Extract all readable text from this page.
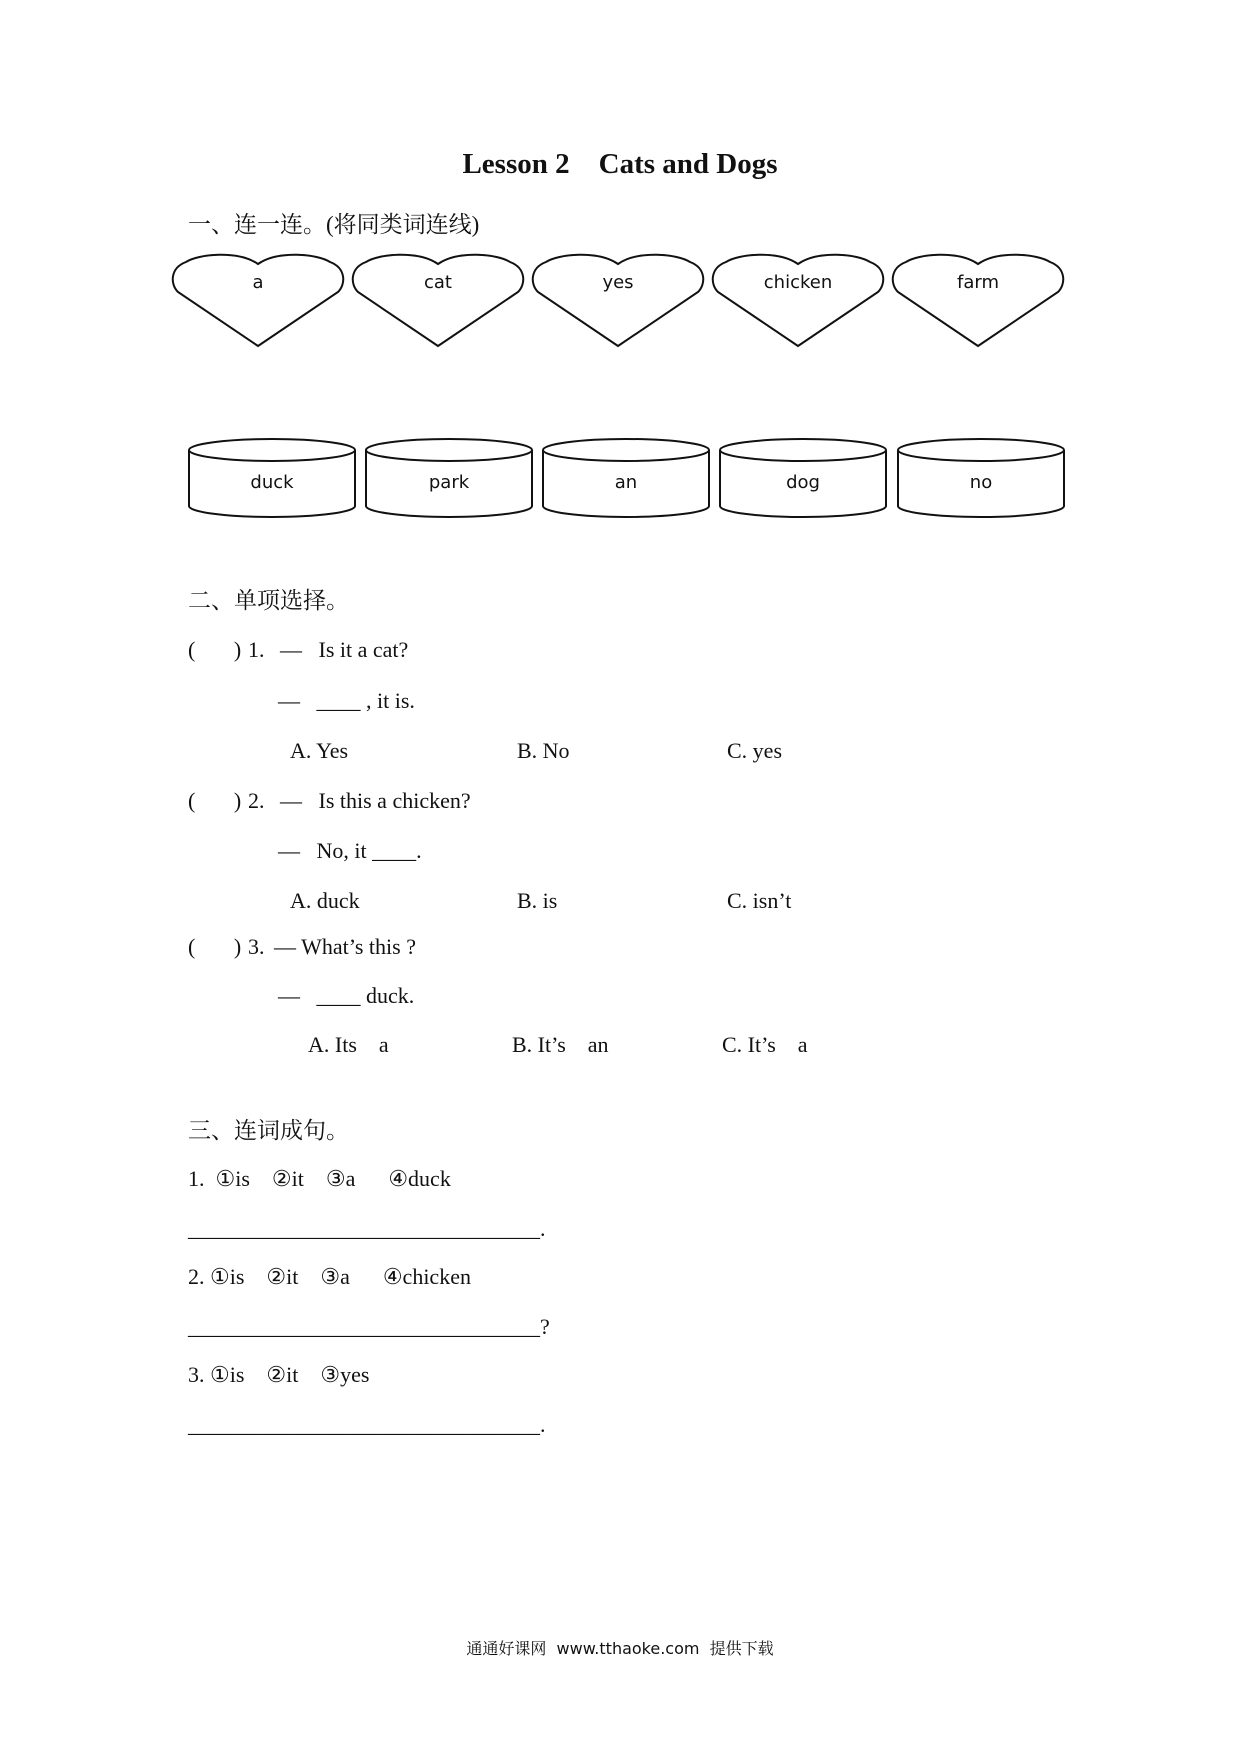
Lesson 2    Cats and Dogs
一、连一连。(将同类词连线)
a	cat	yes	chicken	farm
duck	park	an	dog	no
二、单项选择。
(       ) 1. —   Is it a cat?
—   ____ , it is.
A. Yes	B. No	C. yes
(       ) 2. —   Is this a chicken?
—   No, it ____.
A. duck	B. is	C. isn’t
(       ) 3. — What’s this ?
—   ____ duck.
A. Its    a	B. It’s    an	C. It’s    a
三、连词成句。
1.  ①is    ②it    ③a      ④duck
________________________________.
2. ①is    ②it    ③a      ④chicken
________________________________?
3. ①is    ②it    ③yes
________________________________.
通通好课网  www.tthaoke.com  提供下载
